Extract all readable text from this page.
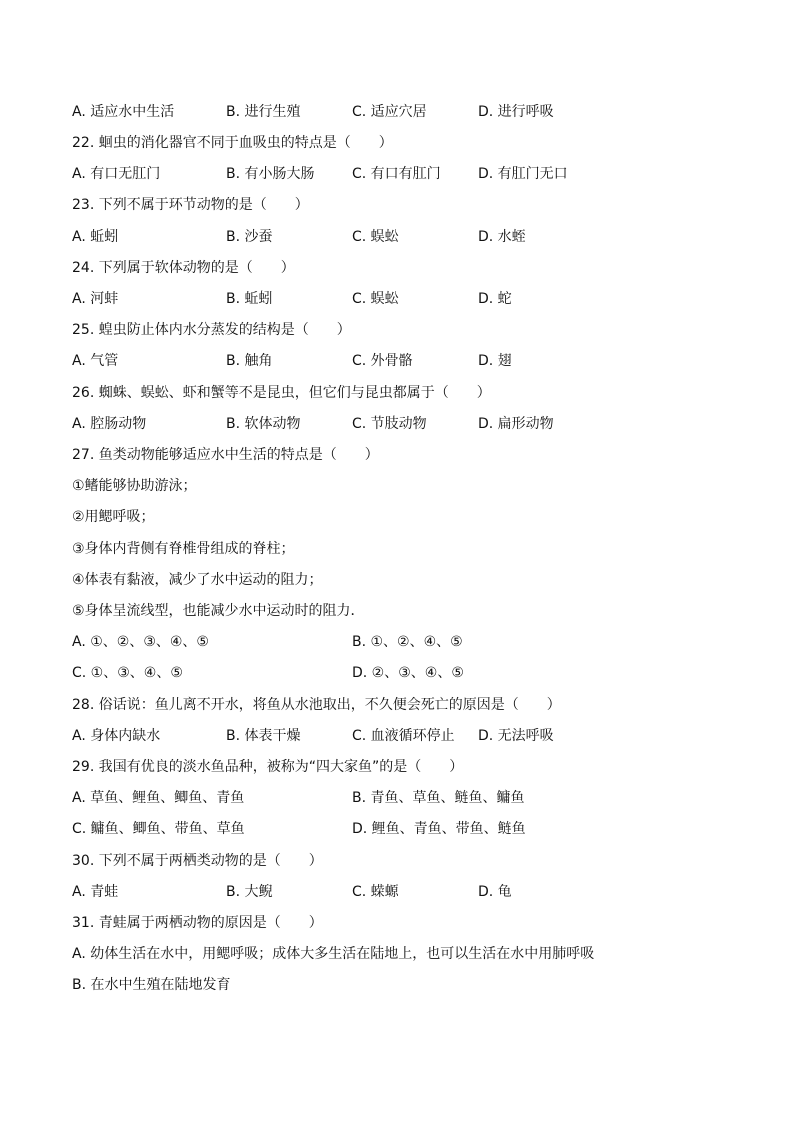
A. 适应水中生活	B. 进行生殖	C. 适应穴居	D. 进行呼吸
22. 蛔虫的消化器官不同于血吸虫的特点是（　　）
A. 有口无肛门	B. 有小肠大肠	C. 有口有肛门	D. 有肛门无口
23. 下列不属于环节动物的是（　　）
A. 蚯蚓	B. 沙蚕	C. 蜈蚣	D. 水蛭
24. 下列属于软体动物的是（　　）
A. 河蚌	B. 蚯蚓	C. 蜈蚣	D. 蛇
25. 蝗虫防止体内水分蒸发的结构是（　　）
A. 气管	B. 触角	C. 外骨骼	D. 翅
26. 蜘蛛、蜈蚣、虾和蟹等不是昆虫，但它们与昆虫都属于（　　）
A. 腔肠动物	B. 软体动物	C. 节肢动物	D. 扁形动物
27. 鱼类动物能够适应水中生活的特点是（　　）
①鳍能够协助游泳；
②用鳃呼吸；
③身体内背侧有脊椎骨组成的脊柱；
④体表有黏液，减少了水中运动的阻力；
⑤身体呈流线型，也能减少水中运动时的阻力．
A. ①、②、③、④、⑤	B. ①、②、④、⑤
C. ①、③、④、⑤	D. ②、③、④、⑤
28. 俗话说：鱼儿离不开水，将鱼从水池取出，不久便会死亡的原因是（　　）
A. 身体内缺水	B. 体表干燥	C. 血液循环停止 D. 无法呼吸
29. 我国有优良的淡水鱼品种，被称为“四大家鱼”的是（　　）
A. 草鱼、鲤鱼、鲫鱼、青鱼	B. 青鱼、草鱼、鲢鱼、鳙鱼
C. 鳙鱼、鲫鱼、带鱼、草鱼	D. 鲤鱼、青鱼、带鱼、鲢鱼
30. 下列不属于两栖类动物的是（　　）
A. 青蛙	B. 大鲵	C. 蝾螈	D. 龟
31. 青蛙属于两栖动物的原因是（　　）
A. 幼体生活在水中，用鳃呼吸；成体大多生活在陆地上，也可以生活在水中用肺呼吸
B. 在水中生殖在陆地发育
